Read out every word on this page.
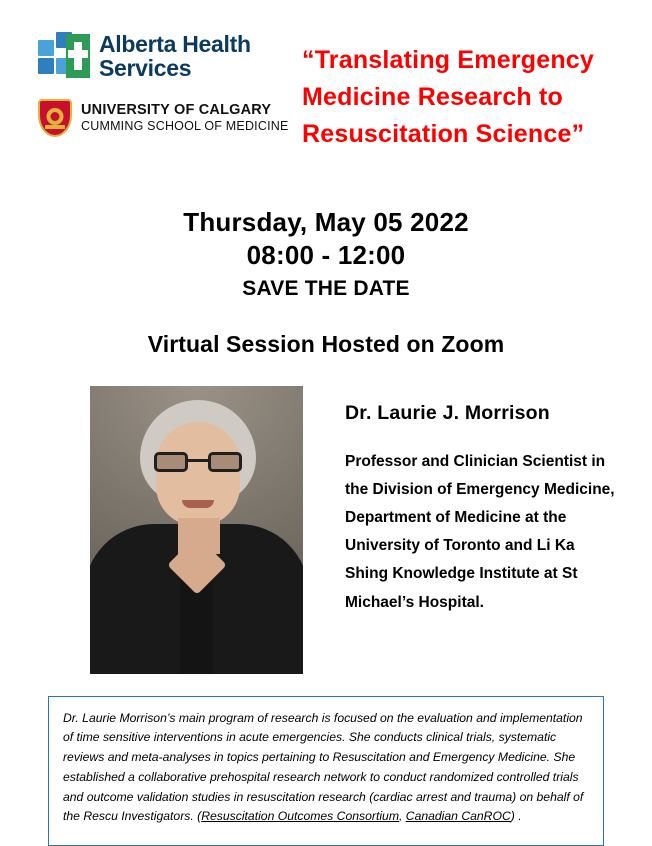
Alberta Health
Services
UNIVERSITY OF CALGARY
CUMMING SCHOOL OF MEDICINE
“Translating Emergency Medicine Research to Resuscitation Science”
Thursday, May 05 2022
08:00 - 12:00
SAVE THE DATE
Virtual Session Hosted on Zoom
Dr. Laurie J. Morrison
Professor and Clinician Scientist in the Division of Emergency Medicine, Department of Medicine at the University of Toronto and Li Ka Shing Knowledge Institute at St Michael’s Hospital.

Dr. Laurie Morrison’s main program of research is focused on the evaluation and implementation of time sensitive interventions in acute emergencies. She conducts clinical trials, systematic reviews and meta-analyses in topics pertaining to Resuscitation and Emergency Medicine. She established a collaborative prehospital research network to conduct randomized controlled trials and outcome validation studies in resuscitation research (cardiac arrest and trauma) on behalf of the Rescu Investigators. (Resuscitation Outcomes Consortium, Canadian CanROC) .
